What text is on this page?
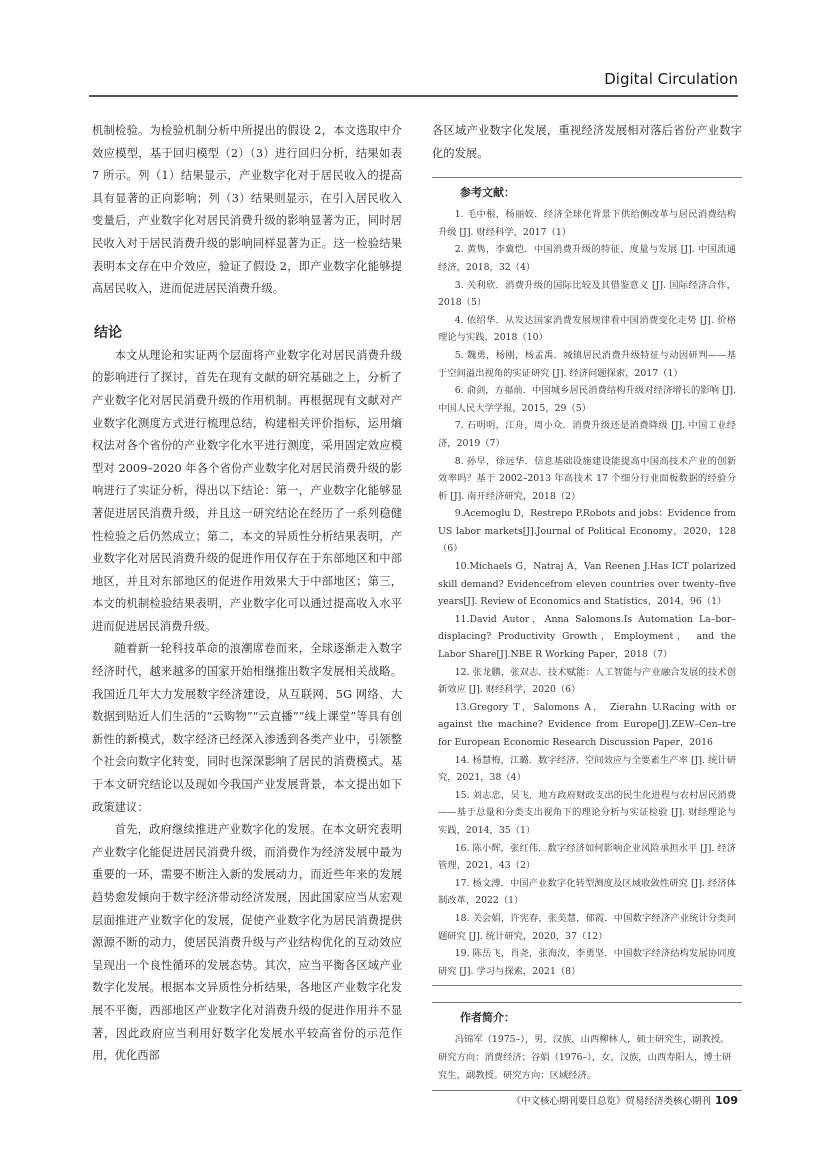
Digital Circulation

机制检验。为检验机制分析中所提出的假设 2，本文选取中介效应模型，基于回归模型（2）（3）进行回归分析，结果如表 7 所示。列（1）结果显示，产业数字化对于居民收入的提高具有显著的正向影响；列（3）结果则显示，在引入居民收入变量后，产业数字化对居民消费升级的影响显著为正，同时居民收入对于居民消费升级的影响同样显著为正。这一检验结果表明本文存在中介效应，验证了假设 2，即产业数字化能够提高居民收入，进而促进居民消费升级。

结论

本文从理论和实证两个层面将产业数字化对居民消费升级的影响进行了探讨，首先在现有文献的研究基础之上，分析了产业数字化对居民消费升级的作用机制。再根据现有文献对产业数字化测度方式进行梳理总结，构建相关评价指标，运用熵权法对各个省份的产业数字化水平进行测度，采用固定效应模型对 2009–2020 年各个省份产业数字化对居民消费升级的影响进行了实证分析，得出以下结论：第一，产业数字化能够显著促进居民消费升级，并且这一研究结论在经历了一系列稳健性检验之后仍然成立；第二，本文的异质性分析结果表明，产业数字化对居民消费升级的促进作用仅存在于东部地区和中部地区，并且对东部地区的促进作用效果大于中部地区；第三，本文的机制检验结果表明，产业数字化可以通过提高收入水平进而促进居民消费升级。

随着新一轮科技革命的浪潮席卷而来，全球逐渐走入数字经济时代，越来越多的国家开始相继推出数字发展相关战略。我国近几年大力发展数字经济建设，从互联网、5G 网络、大数据到贴近人们生活的“云购物”“云直播”“线上课堂”等具有创新性的新模式，数字经济已经深入渗透到各类产业中，引领整个社会向数字化转变，同时也深深影响了居民的消费模式。基于本文研究结论以及现如今我国产业发展背景，本文提出如下政策建议：

首先，政府继续推进产业数字化的发展。在本文研究表明产业数字化能促进居民消费升级，而消费作为经济发展中最为重要的一环，需要不断注入新的发展动力，而近些年来的发展趋势愈发倾向于数字经济带动经济发展，因此国家应当从宏观层面推进产业数字化的发展，促使产业数字化为居民消费提供源源不断的动力，使居民消费升级与产业结构优化的互动效应呈现出一个良性循环的发展态势。其次，应当平衡各区域产业数字化发展。根据本文异质性分析结果，各地区产业数字化发展不平衡，西部地区产业数字化对消费升级的促进作用并不显著，因此政府应当利用好数字化发展水平较高省份的示范作用，优化西部

各区域产业数字化发展，重视经济发展相对落后省份产业数字化的发展。

参考文献：

1. 毛中根，杨丽姣．经济全球化背景下供给侧改革与居民消费结构升级 [J]. 财经科学，2017（1）

2. 黄隽，李冀恺．中国消费升级的特征、度量与发展 [J]. 中国流通经济，2018，32（4）

3. 关利欣．消费升级的国际比较及其借鉴意义 [J]. 国际经济合作，2018（5）

4. 依绍华．从发达国家消费发展规律看中国消费变化走势 [J]. 价格理论与实践，2018（10）

5. 魏勇，杨刚，杨孟禹．城镇居民消费升级特征与动因研判——基于空间溢出视角的实证研究 [J]. 经济问题探索，2017（1）

6. 俞剑，方福前．中国城乡居民消费结构升级对经济增长的影响 [J]. 中国人民大学学报，2015，29（5）

7. 石明明，江舟，周小众．消费升级还是消费降级 [J]. 中国工业经济，2019（7）

8. 孙早，徐远华．信息基础设施建设能提高中国高技术产业的创新效率吗？基于 2002–2013 年高技术 17 个细分行业面板数据的经验分析 [J]. 南开经济研究，2018（2）

9.Acemoglu D，Restrepo P.Robots and jobs：Evidence from US labor markets[J].Journal of Political Economy，2020，128（6）

10.Michaels G，Natraj A，Van Reenen J.Has ICT polarized skill demand? Evidencefrom eleven countries over twenty–five years[J]. Review of Economics and Statistics，2014，96（1）

11.David Autor，Anna Salomons.Is Automation La–bor–displacing? Productivity Growth，Employment， and the Labor Share[J].NBE R Working Paper，2018（7）

12. 张龙鹏，张双志．技术赋能：人工智能与产业融合发展的技术创新效应 [J]. 财经科学，2020（6）

13.Gregory T，Salomons A， Zierahn U.Racing with or against the machine? Evidence from Europe[J].ZEW–Cen–tre for European Economic Research Discussion Paper，2016

14. 杨慧梅，江璐．数字经济、空间效应与全要素生产率 [J]. 统计研究，2021，38（4）

15. 刘志忠，吴飞．地方政府财政支出的民生化进程与农村居民消费——基于总量和分类支出视角下的理论分析与实证检验 [J]. 财经理论与实践，2014，35（1）

16. 陈小辉，张红伟．数字经济如何影响企业风险承担水平 [J]. 经济管理，2021，43（2）

17. 杨文溥．中国产业数字化转型测度及区域收敛性研究 [J]. 经济体制改革，2022（1）

18. 关会娟，许宪春，张美慧，郁霞．中国数字经济产业统计分类问题研究 [J]. 统计研究，2020，37（12）

19. 陈岳飞，肖尧，张海汝，李勇坚．中国数字经济结构发展协同度研究 [J]. 学习与探索，2021（8）

作者简介：

冯锦军（1975–），男，汉族，山西柳林人，硕士研究生，副教授。研究方向：消费经济；谷娟（1976–），女，汉族，山西寿阳人，博士研究生，副教授。研究方向：区域经济。

《中文核心期刊要目总览》贸易经济类核心期刊 109
